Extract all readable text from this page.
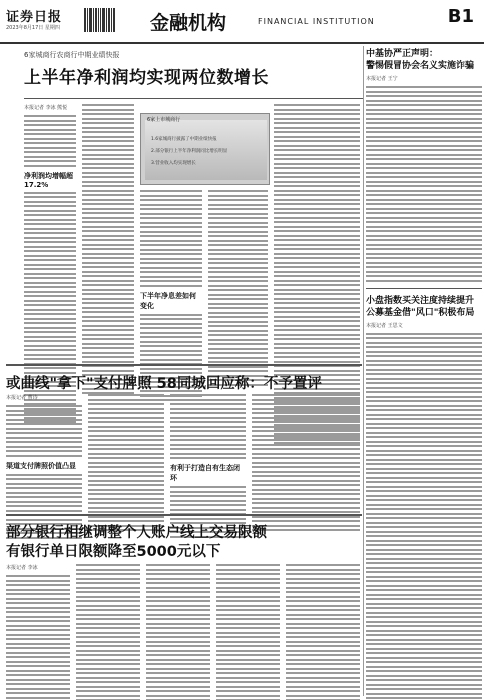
证券日报
2023年8月17日 星期四	金融机构	FINANCIAL INSTITUTION	B1
6家城商行农商行中期业绩快报
上半年净利润均实现两位数增长
本报记者 李冰 熊悦
净利润均增幅超17.2%
6家上市城商行
1.6家城商行披露了中期业绩快报
2.部分银行上半年净利润同比增长明显
3.营业收入均实现增长
下半年净息差如何变化
中基协严正声明：
警惕假冒协会名义实施诈骗
本报记者 王宁
小盘指数买关注度持续提升
公募基金借"风口"积极布局
本报记者 王思文
或曲线"拿下"支付牌照 58同城回应称：不予置评
本报记者 曹诗
渠道支付牌照价值凸显	有利于打造自有生态闭环
部分银行相继调整个人账户线上交易限额
有银行单日限额降至5000元以下
本报记者 李冰
